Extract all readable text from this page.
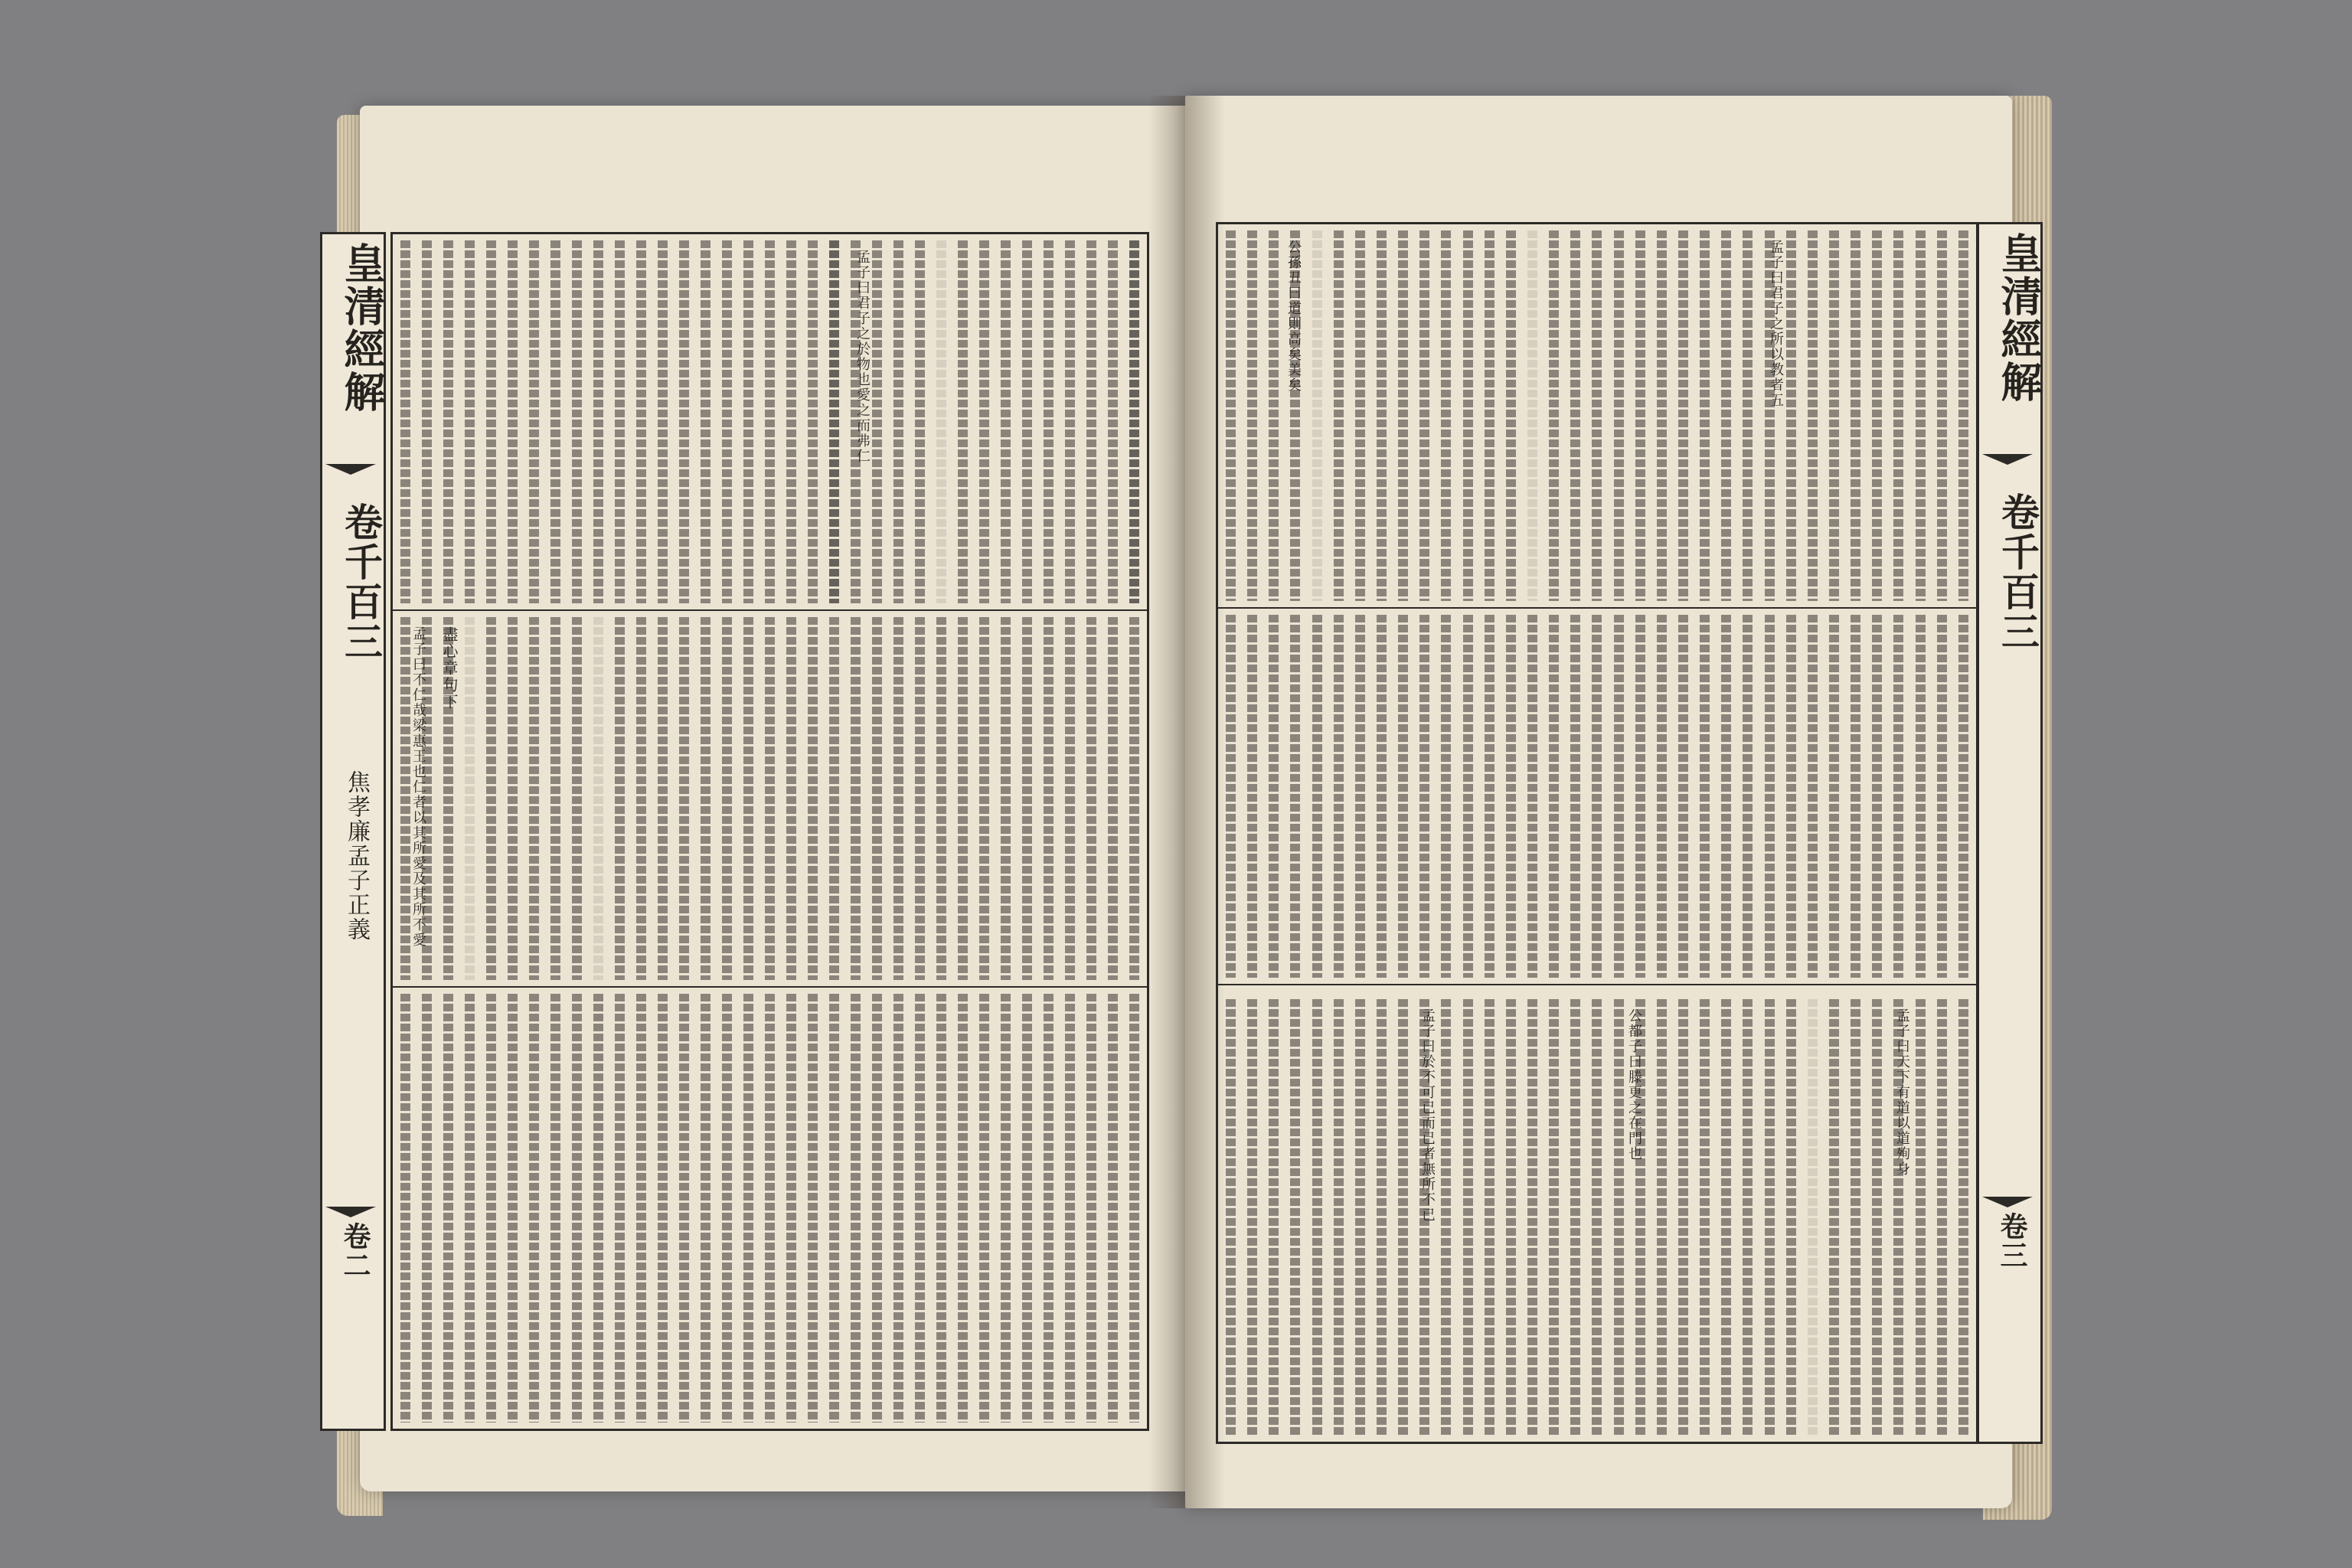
皇清經解
卷千百三
焦孝廉孟子正義
卷二
孟子曰君子之於物也愛之而弗仁
盡心章句下
孟子曰不仁哉梁惠王也仁者以其所愛及其所不愛
皇清經解
卷千百三
卷三
孟子曰君子之所以教者五
公孫丑曰道則高矣美矣
孟子曰天下有道以道殉身
公都子曰滕更之在門也
孟子曰於不可已而已者無所不已
